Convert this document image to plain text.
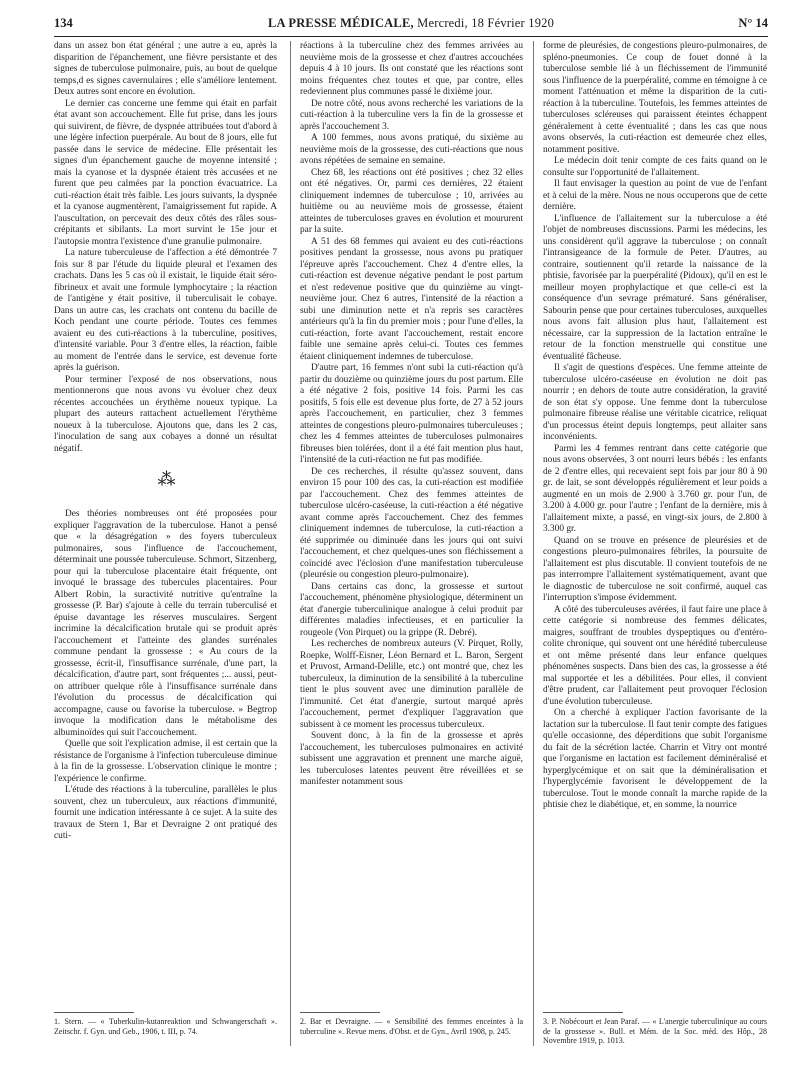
134	LA PRESSE MÉDICALE, Mercredi, 18 Février 1920	N° 14

dans un assez bon état général ; une autre a eu, après la disparition de l'épanchement, une fièvre persistante et des signes de tuberculose pulmonaire, puis, au bout de quelque temps,d es signes cavernulaires ; elle s'améliore lentement. Deux autres sont encore en évolution.

Le dernier cas concerne une femme qui était en parfait état avant son accouchement. Elle fut prise, dans les jours qui suivirent, de fièvre, de dyspnée attribuées tout d'abord à une légère infection puerpérale. Au bout de 8 jours, elle fut passée dans le service de médecine. Elle présentait les signes d'un épanchement gauche de moyenne intensité ; mais la cyanose et la dyspnée étaient très accusées et ne furent que peu calmées par la ponction évacuatrice. La cuti-réaction était très faible. Les jours suivants, la dyspnée et la cyanose augmentèrent, l'amaigrissement fut rapide. A l'auscultation, on percevait des deux côtés des râles sous-crépitants et sibilants. La mort survint le 15e jour et l'autopsie montra l'existence d'une granulie pulmonaire.

La nature tuberculeuse de l'affection a été démontrée 7 fois sur 8 par l'étude du liquide pleural et l'examen des crachats. Dans les 5 cas où il existait, le liquide était séro-fibrineux et avait une formule lymphocytaire ; la réaction de l'antigène y était positive, il tuberculisait le cobaye. Dans un autre cas, les crachats ont contenu du bacille de Koch pendant une courte période. Toutes ces femmes avaient eu des cuti-réactions à la tuberculine, positives, d'intensité variable. Pour 3 d'entre elles, la réaction, faible au moment de l'entrée dans le service, est devenue forte après la guérison.

Pour terminer l'exposé de nos observations, nous mentionnerons que nous avons vu évoluer chez deux récentes accouchées un érythème noueux typique. La plupart des auteurs rattachent actuellement l'érythème noueux à la tuberculose. Ajoutons que, dans les 2 cas, l'inoculation de sang aux cobayes a donné un résultat négatif.

⁂

Des théories nombreuses ont été proposées pour expliquer l'aggravation de la tuberculose. Hanot a pensé que « la désagrégation » des foyers tuberculeux pulmonaires, sous l'influence de l'accouchement, déterminait une poussée tuberculeuse. Schmort, Sitzenberg, pour qui la tuberculose placentaire était fréquente, ont invoqué le brassage des tubercules placentaires. Pour Albert Robin, la suractivité nutritive qu'entraîne la grossesse (P. Bar) s'ajoute à celle du terrain tuberculisé et épuise davantage les réserves musculaires. Sergent incrimine la décalcification brutale qui se produit après l'accouchement et l'atteinte des glandes surrénales commune pendant la grossesse : « Au cours de la grossesse, écrit-il, l'insuffisance surrénale, d'une part, la décalcification, d'autre part, sont fréquentes ;... aussi, peut-on attribuer quelque rôle à l'insuffisance surrénale dans l'évolution du processus de décalcification qui accompagne, cause ou favorise la tuberculose. » Begtrop invoque la modification dans le métabolisme des albuminoïdes qui suit l'accouchement.

Quelle que soit l'explication admise, il est certain que la résistance de l'organisme à l'infection tuberculeuse diminue à la fin de la grossesse. L'observation clinique le montre ; l'expérience le confirme.

L'étude des réactions à la tuberculine, parallèles le plus souvent, chez un tuberculeux, aux réactions d'immunité, fournit une indication intéressante à ce sujet. A la suite des travaux de Stern 1, Bar et Devraigne 2 ont pratiqué des cuti-

réactions à la tuberculine chez des femmes arrivées au neuvième mois de la grossesse et chez d'autres accouchées depuis 4 à 10 jours. Ils ont constaté que les réactions sont moins fréquentes chez toutes et que, par contre, elles redeviennent plus communes passé le dixième jour.

De notre côté, nous avons recherché les variations de la cuti-réaction à la tuberculine vers la fin de la grossesse et après l'accouchement 3.

A 100 femmes, nous avons pratiqué, du sixième au neuvième mois de la grossesse, des cuti-réactions que nous avons répétées de semaine en semaine.

Chez 68, les réactions ont été positives ; chez 32 elles ont été négatives. Or, parmi ces dernières, 22 étaient cliniquement indemnes de tuberculose ; 10, arrivées au huitième ou au neuvième mois de grossesse, étaient atteintes de tuberculoses graves en évolution et moururent par la suite.

A 51 des 68 femmes qui avaient eu des cuti-réactions positives pendant la grossesse, nous avons pu pratiquer l'épreuve après l'accouchement. Chez 4 d'entre elles, la cuti-réaction est devenue négative pendant le post partum et n'est redevenue positive que du quinzième au vingt-neuvième jour. Chez 6 autres, l'intensité de la réaction a subi une diminution nette et n'a repris ses caractères antérieurs qu'à la fin du premier mois ; pour l'une d'elles, la cuti-réaction, forte avant l'accouchement, restait encore faible une semaine après celui-ci. Toutes ces femmes étaient cliniquement indemnes de tuberculose.

D'autre part, 16 femmes n'ont subi la cuti-réaction qu'à partir du douzième ou quinzième jours du post partum. Elle a été négative 2 fois, positive 14 fois. Parmi les cas positifs, 5 fois elle est devenue plus forte, de 27 à 52 jours après l'accouchement, en particulier, chez 3 femmes atteintes de congestions pleuro-pulmonaires tuberculeuses ; chez les 4 femmes atteintes de tuberculoses pulmonaires fibreuses bien tolérées, dont il a été fait mention plus haut, l'intensité de la cuti-réaction ne fut pas modifiée.

De ces recherches, il résulte qu'assez souvent, dans environ 15 pour 100 des cas, la cuti-réaction est modifiée par l'accouchement. Chez des femmes atteintes de tuberculose ulcéro-caséeuse, la cuti-réaction a été négative avant comme après l'accouchement. Chez des femmes cliniquement indemnes de tuberculose, la cuti-réaction a été supprimée ou diminuée dans les jours qui ont suivi l'accouchement, et chez quelques-unes son fléchissement a coïncidé avec l'éclosion d'une manifestation tuberculeuse (pleurésie ou congestion pleuro-pulmonaire).

Dans certains cas donc, la grossesse et surtout l'accouchement, phénomène physiologique, déterminent un état d'anergie tuberculinique analogue à celui produit par différentes maladies infectieuses, et en particulier la rougeole (Von Pirquet) ou la grippe (R. Debré).

Les recherches de nombreux auteurs (V. Pirquet, Rolly, Roepke, Wolff-Eisner, Léon Bernard et L. Baron, Sergent et Pruvost, Armand-Delille, etc.) ont montré que, chez les tuberculeux, la diminution de la sensibilité à la tuberculine tient le plus souvent avec une diminution parallèle de l'immunité. Cet état d'anergie, surtout marqué après l'accouchement, permet d'expliquer l'aggravation que subissent à ce moment les processus tuberculeux.

Souvent donc, à la fin de la grossesse et après l'accouchement, les tuberculoses pulmonaires en activité subissent une aggravation et prennent une marche aiguë, les tuberculoses latentes peuvent être réveillées et se manifester notamment sous

forme de pleurésies, de congestions pleuro-pulmonaires, de spléno-pneumonies. Ce coup de fouet donné à la tuberculose semble lié à un fléchissement de l'immunité sous l'influence de la puerpéralité, comme en témoigne à ce moment l'atténuation et même la disparition de la cuti-réaction à la tuberculine. Toutefois, les femmes atteintes de tuberculoses scléreuses qui paraissent éteintes échappent généralement à cette éventualité ; dans les cas que nous avons observés, la cuti-réaction est demeurée chez elles, notamment positive.

Le médecin doit tenir compte de ces faits quand on le consulte sur l'opportunité de l'allaitement.

Il faut envisager la question au point de vue de l'enfant et à celui de la mère. Nous ne nous occuperons que de cette dernière.

L'influence de l'allaitement sur la tuberculose a été l'objet de nombreuses discussions. Parmi les médecins, les uns considèrent qu'il aggrave la tuberculose ; on connaît l'intransigeance de la formule de Peter. D'autres, au contraire, soutiennent qu'il retarde la naissance de la phtisie, favorisée par la puerpéralité (Pidoux), qu'il en est le meilleur moyen prophylactique et que celle-ci est la conséquence d'un sevrage prématuré. Sans généraliser, Sabourin pense que pour certaines tuberculoses, auxquelles nous avons fait allusion plus haut, l'allaitement est nécessaire, car la suppression de la lactation entraîne le retour de la fonction menstruelle qui constitue une éventualité fâcheuse.

Il s'agit de questions d'espèces. Une femme atteinte de tuberculose ulcéro-caséeuse en évolution ne doit pas nourrir ; en dehors de toute autre considération, la gravité de son état s'y oppose. Une femme dont la tuberculose pulmonaire fibreuse réalise une véritable cicatrice, reliquat d'un processus éteint depuis longtemps, peut allaiter sans inconvénients.

Parmi les 4 femmes rentrant dans cette catégorie que nous avons observées, 3 ont nourri leurs bébés : les enfants de 2 d'entre elles, qui recevaient sept fois par jour 80 à 90 gr. de lait, se sont développés régulièrement et leur poids a augmenté en un mois de 2.900 à 3.760 gr. pour l'un, de 3.200 à 4.000 gr. pour l'autre ; l'enfant de la dernière, mis à l'allaitement mixte, a passé, en vingt-six jours, de 2.800 à 3.300 gr.

Quand on se trouve en présence de pleurésies et de congestions pleuro-pulmonaires fébriles, la poursuite de l'allaitement est plus discutable. Il convient toutefois de ne pas interrompre l'allaitement systématiquement, avant que le diagnostic de tuberculose ne soit confirmé, auquel cas l'interruption s'impose évidemment.

A côté des tuberculeuses avérées, il faut faire une place à cette catégorie si nombreuse des femmes délicates, maigres, souffrant de troubles dyspeptiques ou d'entéro-colite chronique, qui souvent ont une hérédité tuberculeuse et ont même présenté dans leur enfance quelques phénomènes suspects. Dans bien des cas, la grossesse a été mal supportée et les a débilitées. Pour elles, il convient d'être prudent, car l'allaitement peut provoquer l'éclosion d'une évolution tuberculeuse.

On a cherché à expliquer l'action favorisante de la lactation sur la tuberculose. Il faut tenir compte des fatigues qu'elle occasionne, des déperditions que subit l'organisme du fait de la sécrétion lactée. Charrin et Vitry ont montré que l'organisme en lactation est facilement déminéralisé et hyperglycémique et on sait que la déminéralisation et l'hyperglycémie favorisent le développement de la tuberculose. Tout le monde connaît la marche rapide de la phtisie chez le diabétique, et, en somme, la nourrice

1. Stern. — « Tuberkulin-kutanreaktion und Schwangerschaft ». Zeitschr. f. Gyn. und Geb., 1906, t. III, p. 74.
2. Bar et Devraigne. — « Sensibilité des femmes enceintes à la tuberculine ». Revue mens. d'Obst. et de Gyn., Avril 1908, p. 245.
3. P. Nobécourt et Jean Paraf. — « L'anergie tuberculinique au cours de la grossesse ». Bull. et Mém. de la Soc. méd. des Hôp., 28 Novembre 1919, p. 1013.
